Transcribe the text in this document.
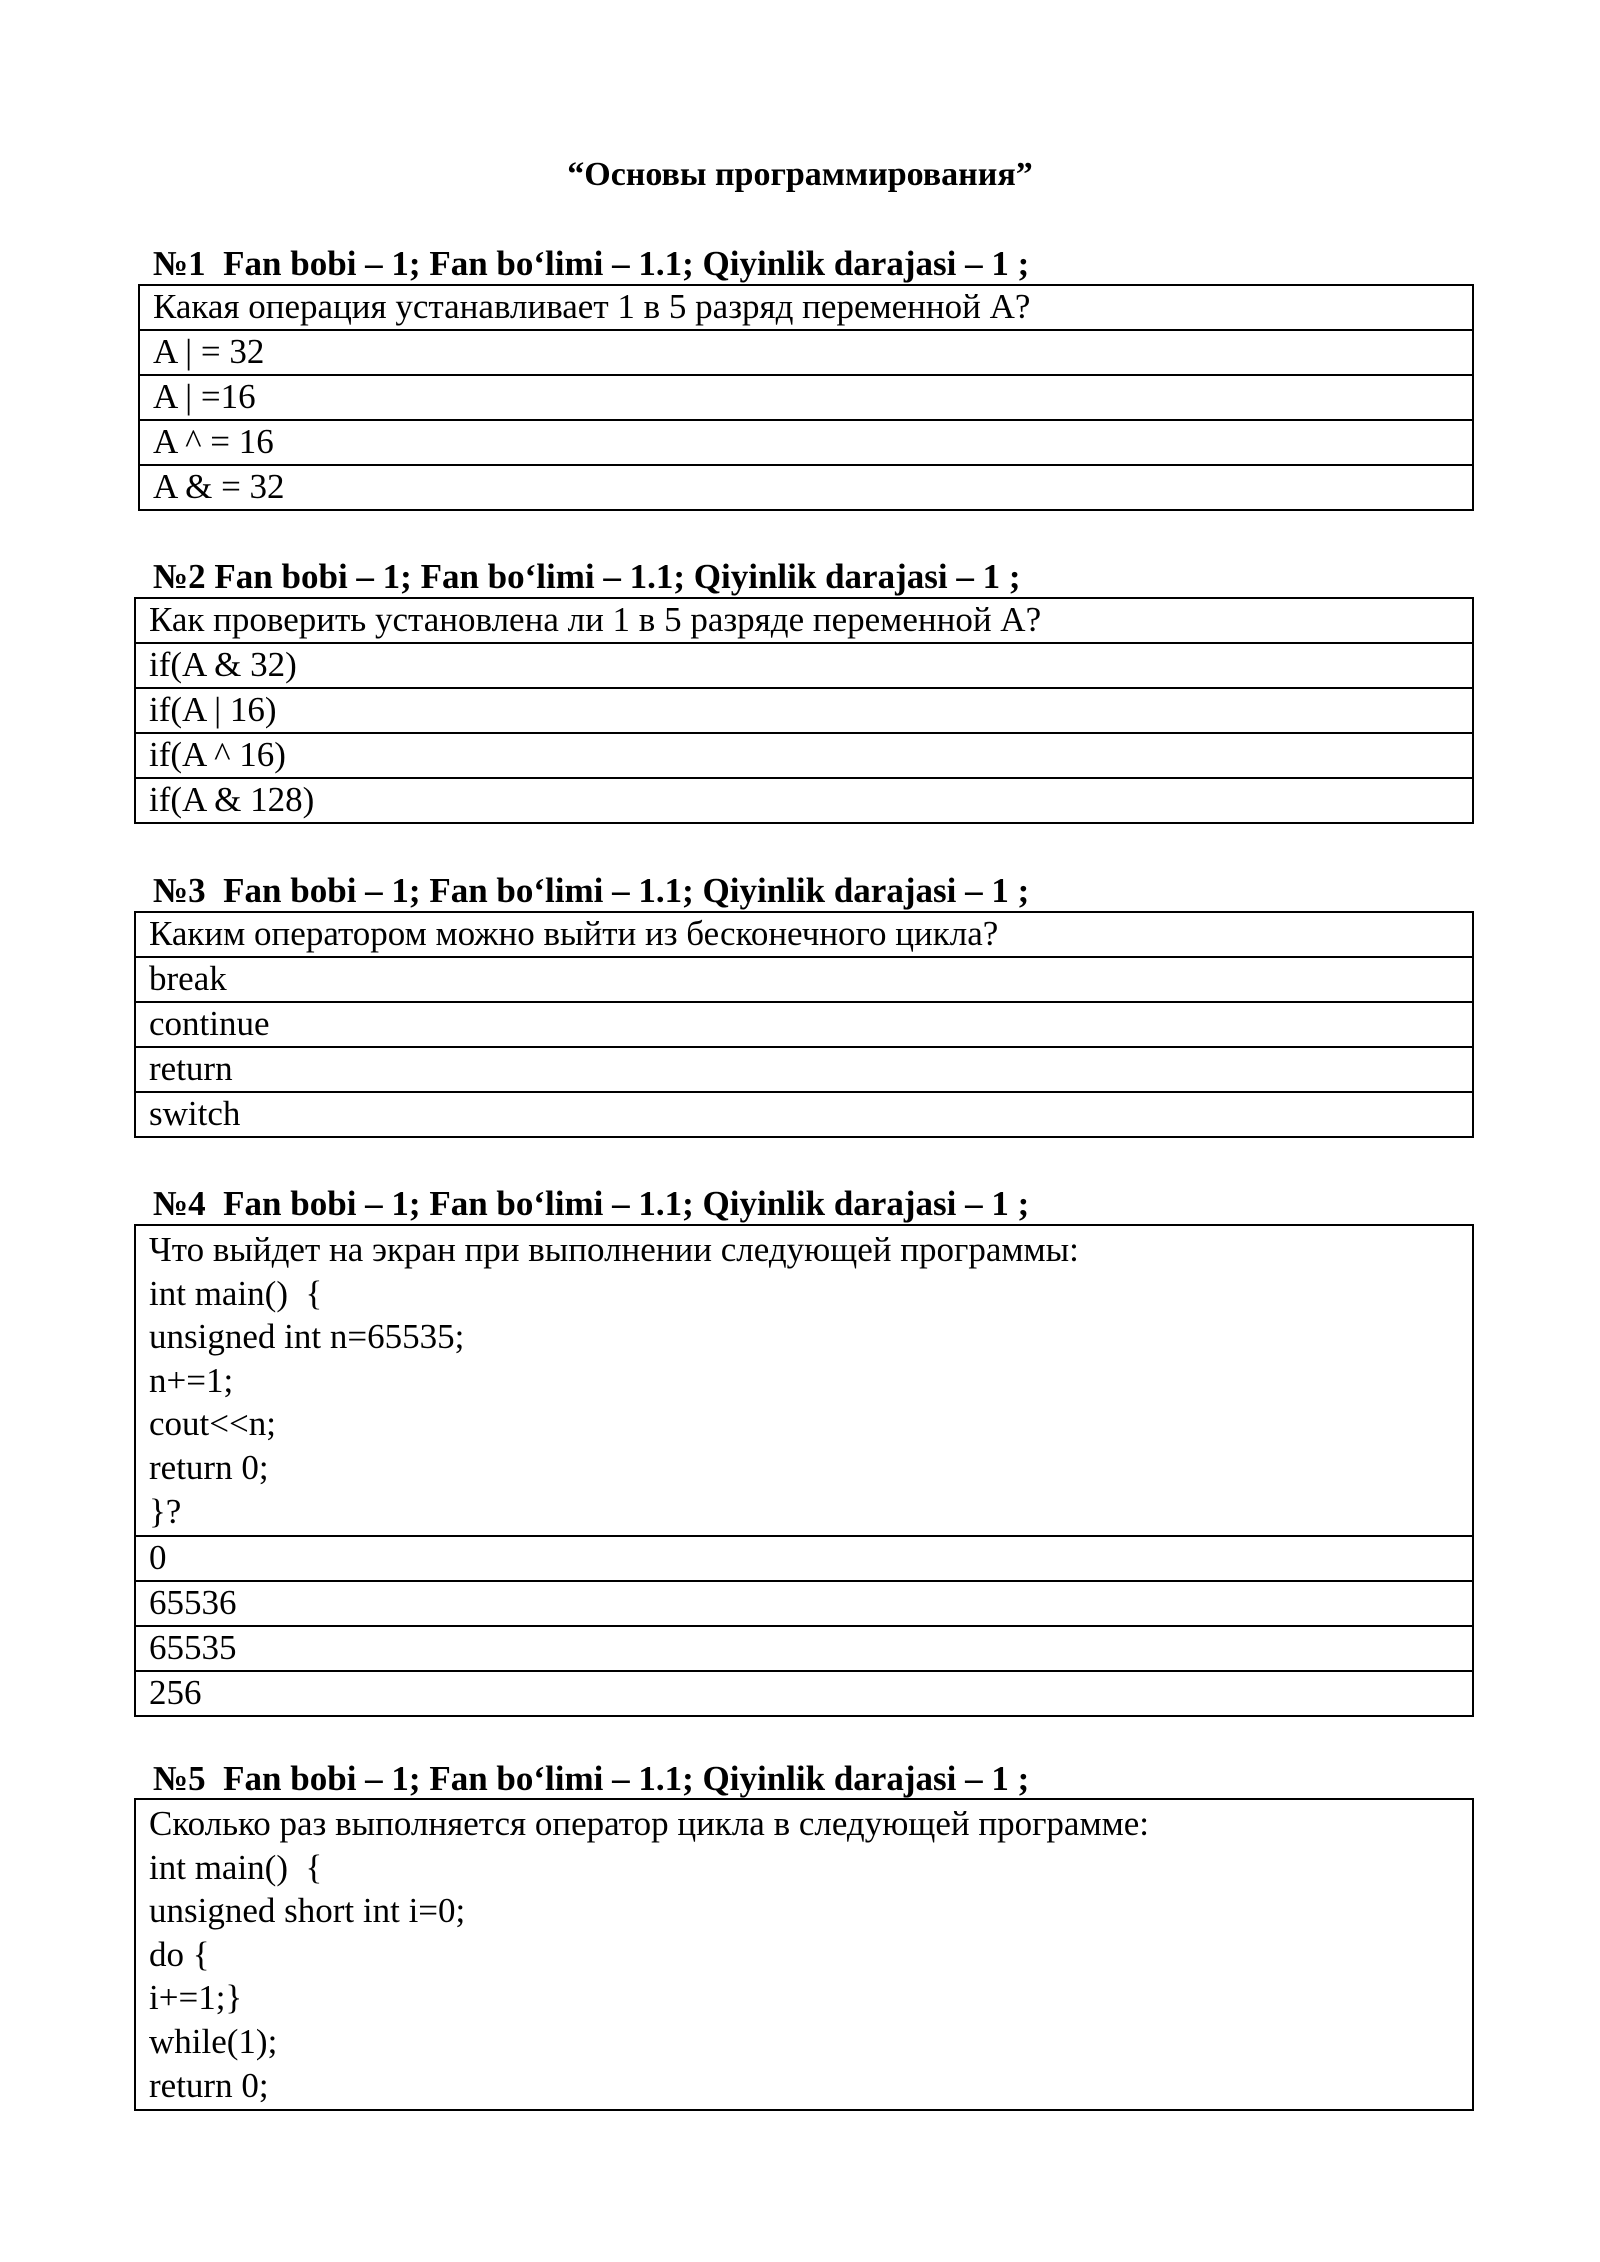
“Основы программирования”
№1  Fan bobi – 1; Fan bo‘limi – 1.1; Qiyinlik darajasi – 1 ;
Какая операция устанавливает 1 в 5 разряд переменной А?
A | = 32
A | =16
A ^ = 16
A & = 32
№2 Fan bobi – 1; Fan bo‘limi – 1.1; Qiyinlik darajasi – 1 ;
Как проверить установлена ли 1 в 5 разряде переменной А?
if(A & 32)
if(A | 16)
if(A ^ 16)
if(A & 128)
№3  Fan bobi – 1; Fan bo‘limi – 1.1; Qiyinlik darajasi – 1 ;
Каким оператором можно выйти из бесконечного цикла?
break
continue
return
switch
№4  Fan bobi – 1; Fan bo‘limi – 1.1; Qiyinlik darajasi – 1 ;
Что выйдет на экран при выполнении следующей программы:
int main()  {
unsigned int n=65535;
n+=1;
cout<<n;
return 0;
}?
0
65536
65535
256
№5  Fan bobi – 1; Fan bo‘limi – 1.1; Qiyinlik darajasi – 1 ;
Сколько раз выполняется оператор цикла в следующей программе:
int main()  {
unsigned short int i=0;
do {
i+=1;}
while(1);
return 0;
